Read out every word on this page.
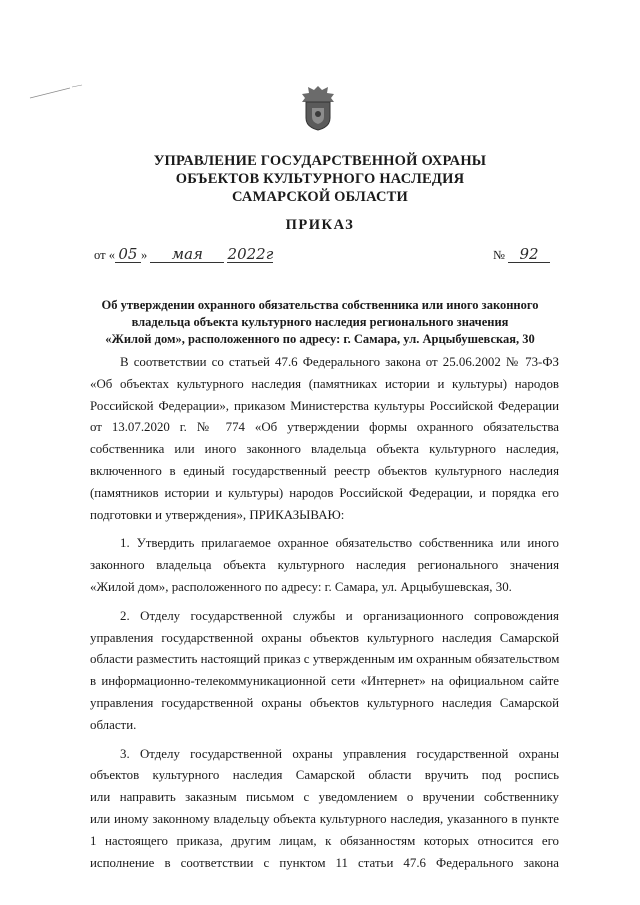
УПРАВЛЕНИЕ ГОСУДАРСТВЕННОЙ ОХРАНЫ
ОБЪЕКТОВ КУЛЬТУРНОГО НАСЛЕДИЯ
САМАРСКОЙ ОБЛАСТИ
ПРИКАЗ
от « 05 » мая 2022г	№ 92
Об утверждении охранного обязательства собственника или иного законного
владельца объекта культурного наследия регионального значения
«Жилой дом», расположенного по адресу: г. Самара, ул. Арцыбушевская, 30

В соответствии со статьей 47.6 Федерального закона от 25.06.2002 № 73-ФЗ
«Об объектах культурного наследия (памятниках истории и культуры) народов
Российской Федерации», приказом Министерства культуры Российской Федерации
от 13.07.2020 г. № 774 «Об утверждении формы охранного обязательства
собственника или иного законного владельца объекта культурного наследия,
включенного в единый государственный реестр объектов культурного наследия
(памятников истории и культуры) народов Российской Федерации, и порядка его
подготовки и утверждения», ПРИКАЗЫВАЮ:

1. Утвердить прилагаемое охранное обязательство собственника или иного
законного владельца объекта культурного наследия регионального значения
«Жилой дом», расположенного по адресу: г. Самара, ул. Арцыбушевская, 30.

2. Отделу государственной службы и организационного сопровождения
управления государственной охраны объектов культурного наследия Самарской
области разместить настоящий приказ с утвержденным им охранным обязательством
в информационно-телекоммуникационной сети «Интернет» на официальном сайте
управления государственной охраны объектов культурного наследия Самарской
области.

3. Отделу государственной охраны управления государственной охраны
объектов культурного наследия Самарской области вручить под роспись
или направить заказным письмом с уведомлением о вручении собственнику
или иному законному владельцу объекта культурного наследия, указанного в пункте
1 настоящего приказа, другим лицам, к обязанностям которых относится его
исполнение в соответствии с пунктом 11 статьи 47.6 Федерального закона
